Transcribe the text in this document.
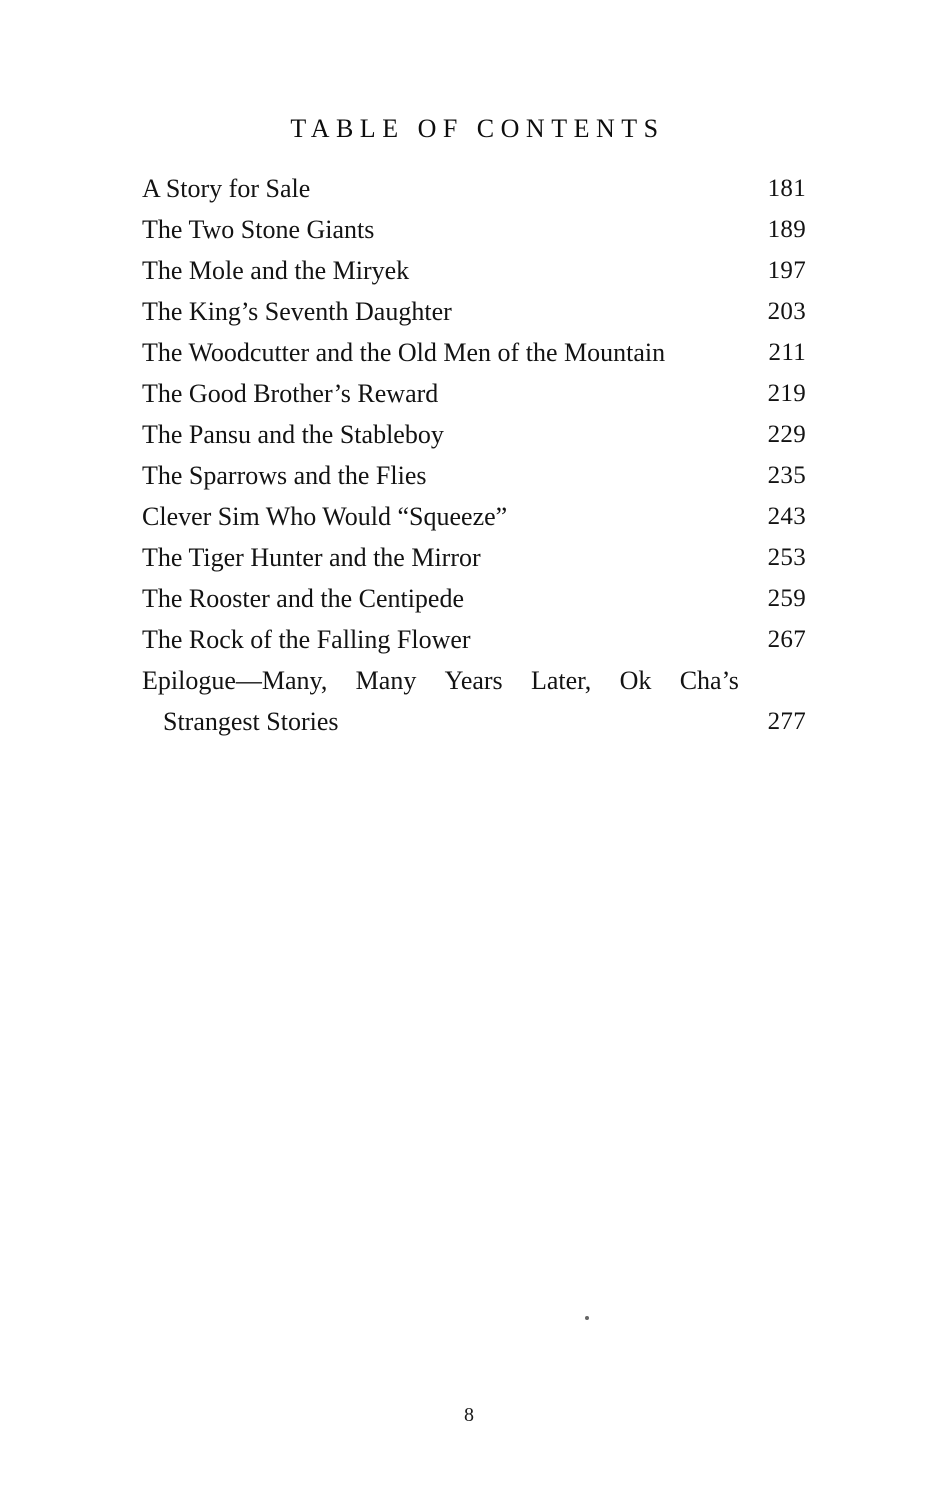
TABLE OF CONTENTS
A Story for Sale	181
The Two Stone Giants	189
The Mole and the Miryek	197
The King’s Seventh Daughter	203
The Woodcutter and the Old Men of the Mountain	211
The Good Brother’s Reward	219
The Pansu and the Stableboy	229
The Sparrows and the Flies	235
Clever Sim Who Would “Squeeze”	243
The Tiger Hunter and the Mirror	253
The Rooster and the Centipede	259
The Rock of the Falling Flower	267
Epilogue—Many, Many Years Later, Ok Cha’s
Strangest Stories	277
8
